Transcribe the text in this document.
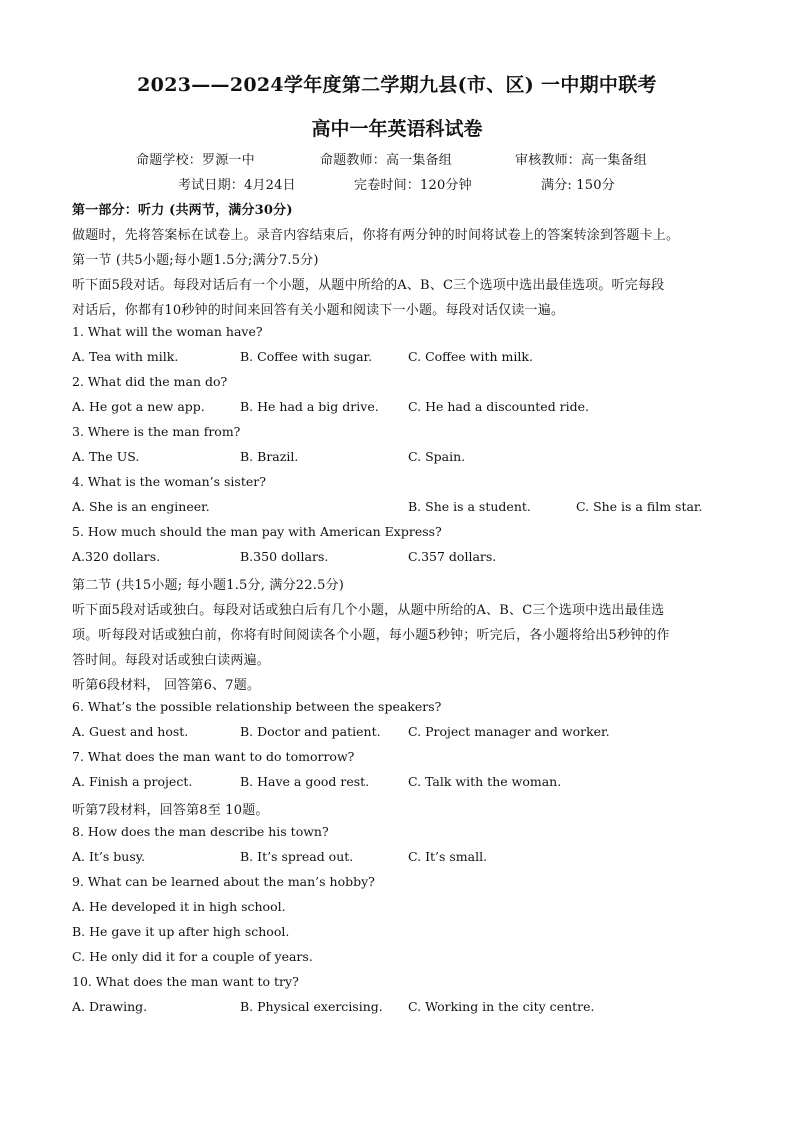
2023——2024学年度第二学期九县(市、区) 一中期中联考
高中一年英语科试卷
命题学校：罗源一中	命题教师：高一集备组	审核教师：高一集备组
考试日期：4月24日	完卷时间：120分钟	满分: 150分
第一部分：听力 (共两节，满分30分)
做题时，先将答案标在试卷上。录音内容结束后，你将有两分钟的时间将试卷上的答案转涂到答题卡上。
第一节 (共5小题;每小题1.5分;满分7.5分)
听下面5段对话。每段对话后有一个小题，从题中所给的A、B、C三个选项中选出最佳选项。听完每段
对话后，你都有10秒钟的时间来回答有关小题和阅读下一小题。每段对话仅读一遍。
1. What will the woman have?
A. Tea with milk.	B. Coffee with sugar.	C. Coffee with milk.
2. What did the man do?
A. He got a new app.	B. He had a big drive. C. He had a discounted ride.
3. Where is the man from?
A. The US.	B. Brazil.	C. Spain.
4. What is the woman’s sister?
A. She is an engineer.	B. She is a student.	C. She is a film star.
5. How much should the man pay with American Express?
A.320 dollars.	B.350 dollars.	C.357 dollars.
第二节 (共15小题; 每小题1.5分, 满分22.5分)
听下面5段对话或独白。每段对话或独白后有几个小题，从题中所给的A、B、C三个选项中选出最佳选
项。听每段对话或独白前，你将有时间阅读各个小题，每小题5秒钟；听完后，各小题将给出5秒钟的作
答时间。每段对话或独白读两遍。
听第6段材料， 回答第6、7题。
6. What’s the possible relationship between the speakers?
A. Guest and host.	B. Doctor and patient. C. Project manager and worker.
7. What does the man want to do tomorrow?
A. Finish a project.	B. Have a good rest.	C. Talk with the woman.
听第7段材料，回答第8至 10题。
8. How does the man describe his town?
A. It’s busy.	B. It’s spread out.	C. It’s small.
9. What can be learned about the man’s hobby?
A. He developed it in high school.
B. He gave it up after high school.
C. He only did it for a couple of years.
10. What does the man want to try?
A. Drawing.	B. Physical exercising. C. Working in the city centre.
